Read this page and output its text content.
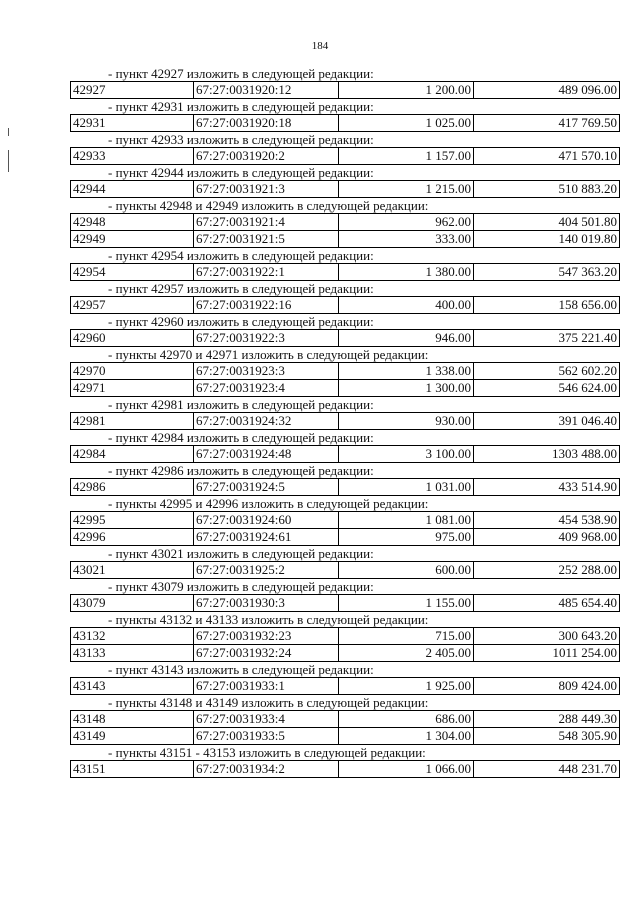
184
- пункт 42927 изложить в следующей редакции:
42927	67:27:0031920:12	1 200.00	489 096.00
- пункт 42931 изложить в следующей редакции:
42931	67:27:0031920:18	1 025.00	417 769.50
- пункт 42933 изложить в следующей редакции:
42933	67:27:0031920:2	1 157.00	471 570.10
- пункт 42944 изложить в следующей редакции:
42944	67:27:0031921:3	1 215.00	510 883.20
- пункты 42948 и 42949 изложить в следующей редакции:
42948	67:27:0031921:4	962.00	404 501.80
42949	67:27:0031921:5	333.00	140 019.80
- пункт 42954 изложить в следующей редакции:
42954	67:27:0031922:1	1 380.00	547 363.20
- пункт 42957 изложить в следующей редакции:
42957	67:27:0031922:16	400.00	158 656.00
- пункт 42960 изложить в следующей редакции:
42960	67:27:0031922:3	946.00	375 221.40
- пункты 42970 и 42971 изложить в следующей редакции:
42970	67:27:0031923:3	1 338.00	562 602.20
42971	67:27:0031923:4	1 300.00	546 624.00
- пункт 42981 изложить в следующей редакции:
42981	67:27:0031924:32	930.00	391 046.40
- пункт 42984 изложить в следующей редакции:
42984	67:27:0031924:48	3 100.00	1303 488.00
- пункт 42986 изложить в следующей редакции:
42986	67:27:0031924:5	1 031.00	433 514.90
- пункты 42995 и 42996 изложить в следующей редакции:
42995	67:27:0031924:60	1 081.00	454 538.90
42996	67:27:0031924:61	975.00	409 968.00
- пункт 43021 изложить в следующей редакции:
43021	67:27:0031925:2	600.00	252 288.00
- пункт 43079 изложить в следующей редакции:
43079	67:27:0031930:3	1 155.00	485 654.40
- пункты 43132 и 43133 изложить в следующей редакции:
43132	67:27:0031932:23	715.00	300 643.20
43133	67:27:0031932:24	2 405.00	1011 254.00
- пункт 43143 изложить в следующей редакции:
43143	67:27:0031933:1	1 925.00	809 424.00
- пункты 43148 и 43149 изложить в следующей редакции:
43148	67:27:0031933:4	686.00	288 449.30
43149	67:27:0031933:5	1 304.00	548 305.90
- пункты 43151 - 43153 изложить в следующей редакции:
43151	67:27:0031934:2	1 066.00	448 231.70
